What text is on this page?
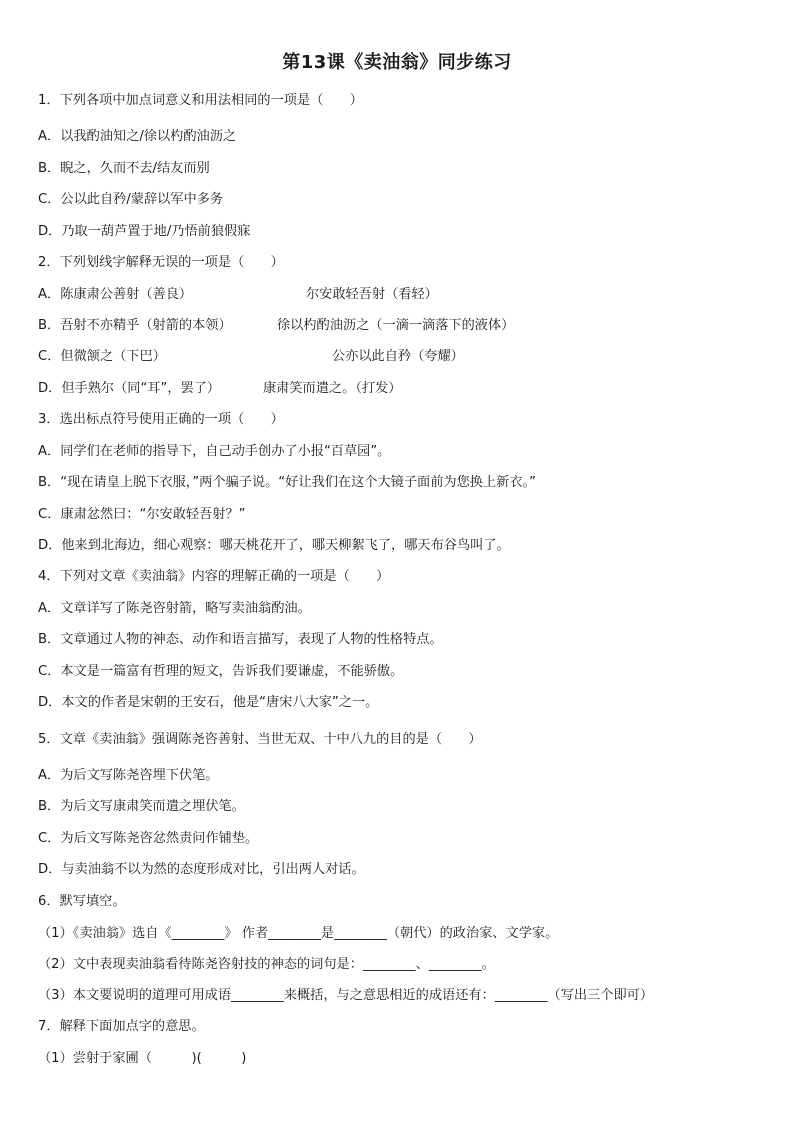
第13课《卖油翁》同步练习
1．下列各项中加点词意义和用法相同的一项是（　　）
A．以我酌油知之/徐以杓酌油沥之
B．睨之，久而不去/结友而别
C．公以此自矜/蒙辞以军中多务
D．乃取一葫芦置于地/乃悟前狼假寐
2．下列划线字解释无误的一项是（　　）
A．陈康肃公善射（善良）	尔安敢轻吾射（看轻）
B．吾射不亦精乎（射箭的本领）	徐以杓酌油沥之（一滴一滴落下的液体）
C．但微颔之（下巴）	公亦以此自矜（夸耀）
D．但手熟尔（同“耳”，罢了）	康肃笑而遣之。（打发）
3．选出标点符号使用正确的一项（　　）
A．同学们在老师的指导下，自己动手创办了小报“百草园”。
B．“现在请皇上脱下衣服，”两个骗子说。“好让我们在这个大镜子面前为您换上新衣。”
C．康肃忿然曰：“尔安敢轻吾射？”
D．他来到北海边，细心观察：哪天桃花开了，哪天柳絮飞了，哪天布谷鸟叫了。
4．下列对文章《卖油翁》内容的理解正确的一项是（　　）
A．文章详写了陈尧咨射箭，略写卖油翁酌油。
B．文章通过人物的神态、动作和语言描写，表现了人物的性格特点。
C．本文是一篇富有哲理的短文，告诉我们要谦虚，不能骄傲。
D．本文的作者是宋朝的王安石，他是“唐宋八大家”之一。
5．文章《卖油翁》强调陈尧咨善射、当世无双、十中八九的目的是（　　）
A．为后文写陈尧咨埋下伏笔。
B．为后文写康肃笑而遣之埋伏笔。
C．为后文写陈尧咨忿然责问作铺垫。
D．与卖油翁不以为然的态度形成对比，引出两人对话。
6．默写填空。
（1）《卖油翁》选自《________》 作者________是________（朝代）的政治家、文学家。
（2）文中表现卖油翁看待陈尧咨射技的神态的词句是：________、________。
（3）本文要说明的道理可用成语________来概括，与之意思相近的成语还有：________（写出三个即可）
7．解释下面加点字的意思。
（1）尝射于家圃（　　　)(　　　)
